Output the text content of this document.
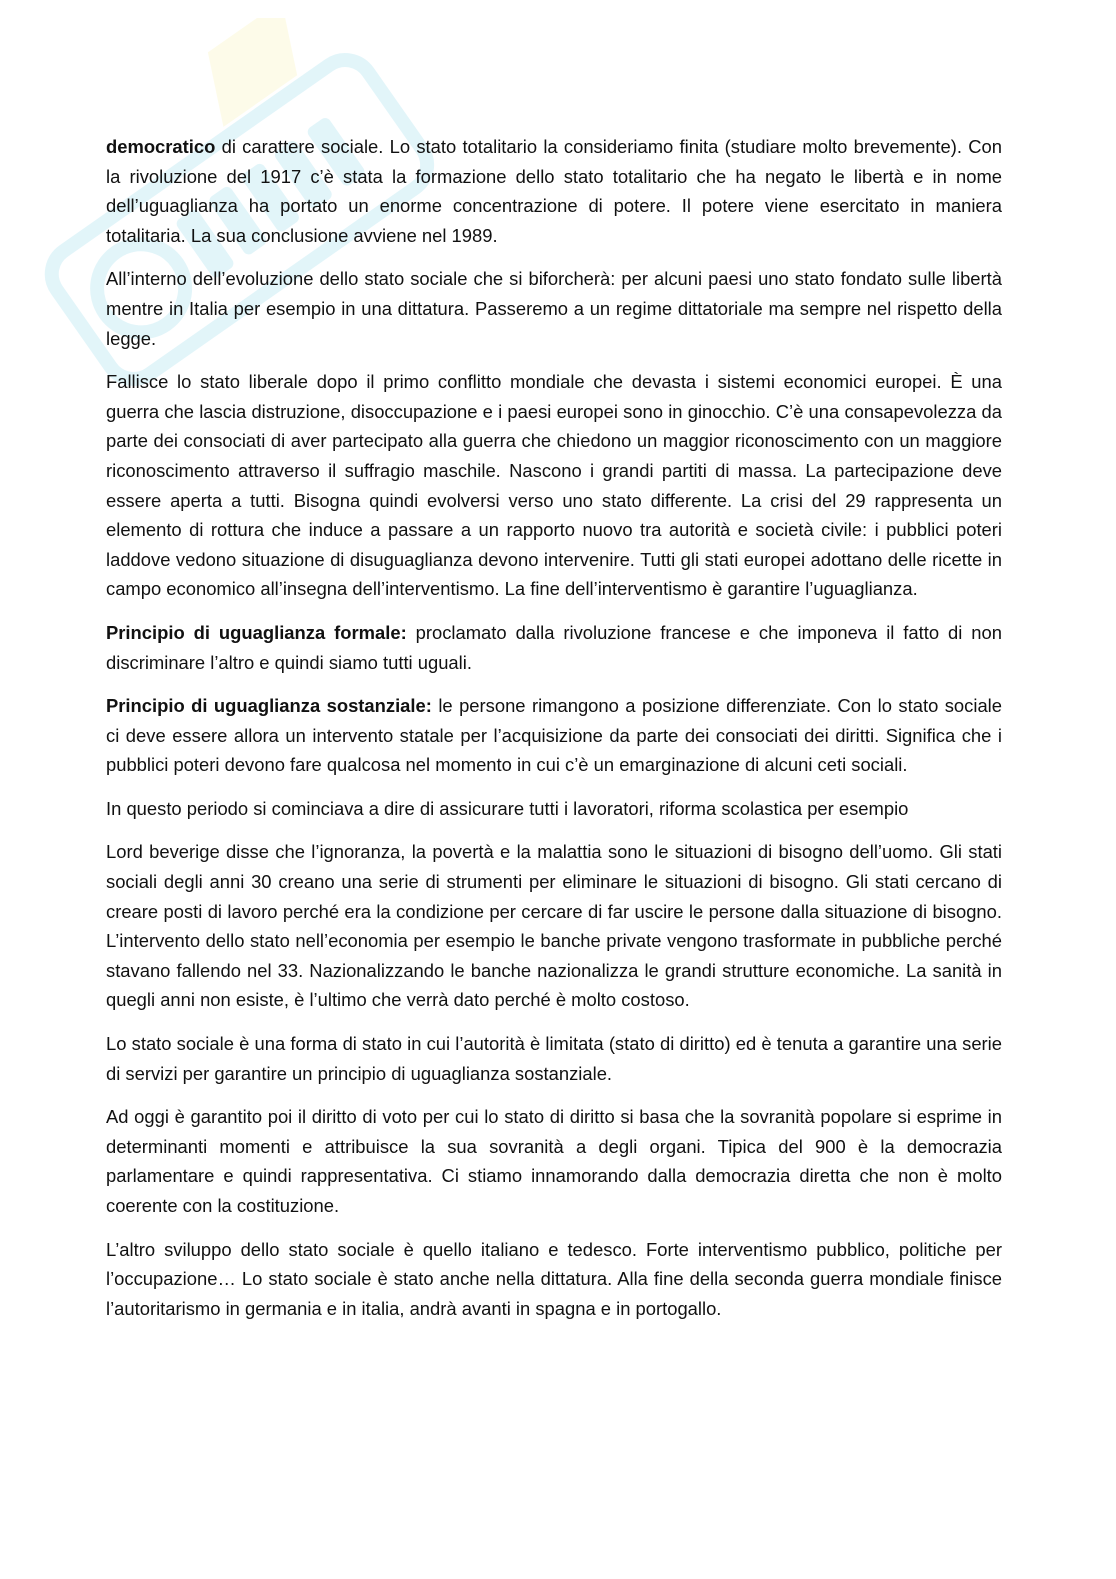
democratico di carattere sociale. Lo stato totalitario la consideriamo finita (studiare molto brevemente). Con la rivoluzione del 1917 c’è stata la formazione dello stato totalitario che ha negato le libertà e in nome dell’uguaglianza ha portato un enorme concentrazione di potere. Il potere viene esercitato in maniera totalitaria. La sua conclusione avviene nel 1989.

All’interno dell’evoluzione dello stato sociale che si biforcherà: per alcuni paesi uno stato fondato sulle libertà mentre in Italia per esempio in una dittatura. Passeremo a un regime dittatoriale ma sempre nel rispetto della legge.

Fallisce lo stato liberale dopo il primo conflitto mondiale che devasta i sistemi economici europei. È una guerra che lascia distruzione, disoccupazione e i paesi europei sono in ginocchio. C’è una consapevolezza da parte dei consociati di aver partecipato alla guerra che chiedono un maggior riconoscimento con un maggiore riconoscimento attraverso il suffragio maschile. Nascono i grandi partiti di massa. La partecipazione deve essere aperta a tutti. Bisogna quindi evolversi verso uno stato differente. La crisi del 29 rappresenta un elemento di rottura che induce a passare a un rapporto nuovo tra autorità e società civile: i pubblici poteri laddove vedono situazione di disuguaglianza devono intervenire. Tutti gli stati europei adottano delle ricette in campo economico all’insegna dell’interventismo. La fine dell’interventismo è garantire l’uguaglianza.

Principio di uguaglianza formale: proclamato dalla rivoluzione francese e che imponeva il fatto di non discriminare l’altro e quindi siamo tutti uguali.

Principio di uguaglianza sostanziale: le persone rimangono a posizione differenziate. Con lo stato sociale ci deve essere allora un intervento statale per l’acquisizione da parte dei consociati dei diritti. Significa che i pubblici poteri devono fare qualcosa nel momento in cui c’è un emarginazione di alcuni ceti sociali.

In questo periodo si cominciava a dire di assicurare tutti i lavoratori, riforma scolastica per esempio

Lord beverige disse che l’ignoranza, la povertà e la malattia sono le situazioni di bisogno dell’uomo. Gli stati sociali degli anni 30 creano una serie di strumenti per eliminare le situazioni di bisogno. Gli stati cercano di creare posti di lavoro perché era la condizione per cercare di far uscire le persone dalla situazione di bisogno. L’intervento dello stato nell’economia per esempio le banche private vengono trasformate in pubbliche perché stavano fallendo nel 33. Nazionalizzando le banche nazionalizza le grandi strutture economiche. La sanità in quegli anni non esiste, è l’ultimo che verrà dato perché è molto costoso.

Lo stato sociale è una forma di stato in cui l’autorità è limitata (stato di diritto) ed è tenuta a garantire una serie di servizi per garantire un principio di uguaglianza sostanziale.

Ad oggi è garantito poi il diritto di voto per cui lo stato di diritto si basa che la sovranità popolare si esprime in determinanti momenti e attribuisce la sua sovranità a degli organi. Tipica del 900 è la democrazia parlamentare e quindi rappresentativa. Ci stiamo innamorando dalla democrazia diretta che non è molto coerente con la costituzione.

L’altro sviluppo dello stato sociale è quello italiano e tedesco. Forte interventismo pubblico, politiche per l’occupazione… Lo stato sociale è stato anche nella dittatura. Alla fine della seconda guerra mondiale finisce l’autoritarismo in germania e in italia, andrà avanti in spagna e in portogallo.
